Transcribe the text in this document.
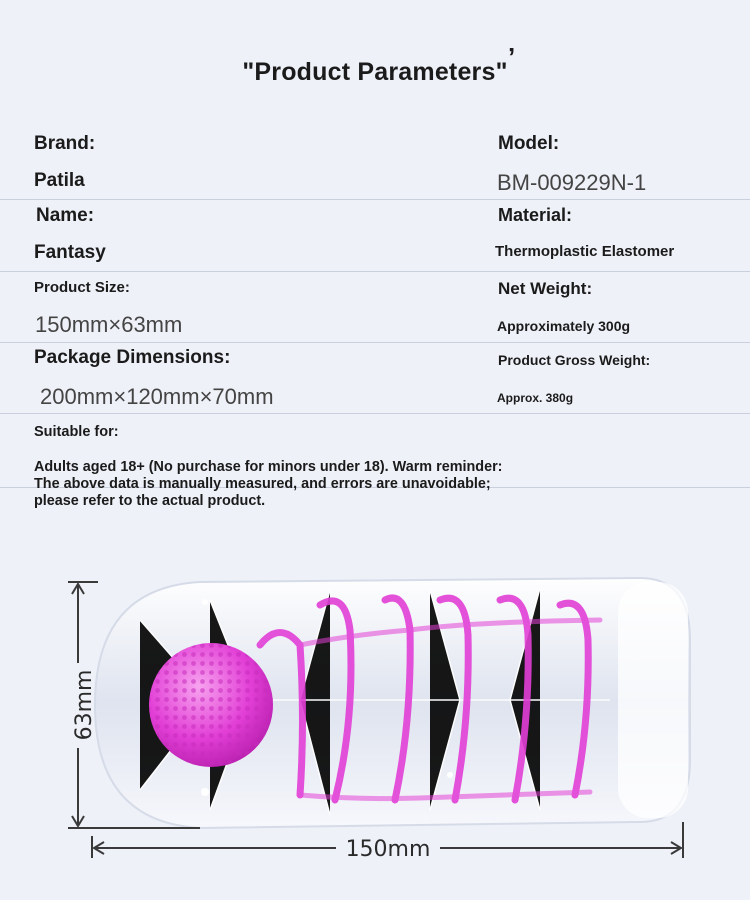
"Product Parameters" ’
Brand:	Model:
Patila	BM-009229N-1
Name:	Material:
Fantasy	Thermoplastic Elastomer
Product Size:	Net Weight:
150mm×63mm	Approximately 300g
Package Dimensions:	Product Gross Weight:
200mm×120mm×70mm	Approx. 380g
Suitable for:
Adults aged 18+ (No purchase for minors under 18). Warm reminder: The above data is manually measured, and errors are unavoidable; please refer to the actual product.
63mm
150mm
